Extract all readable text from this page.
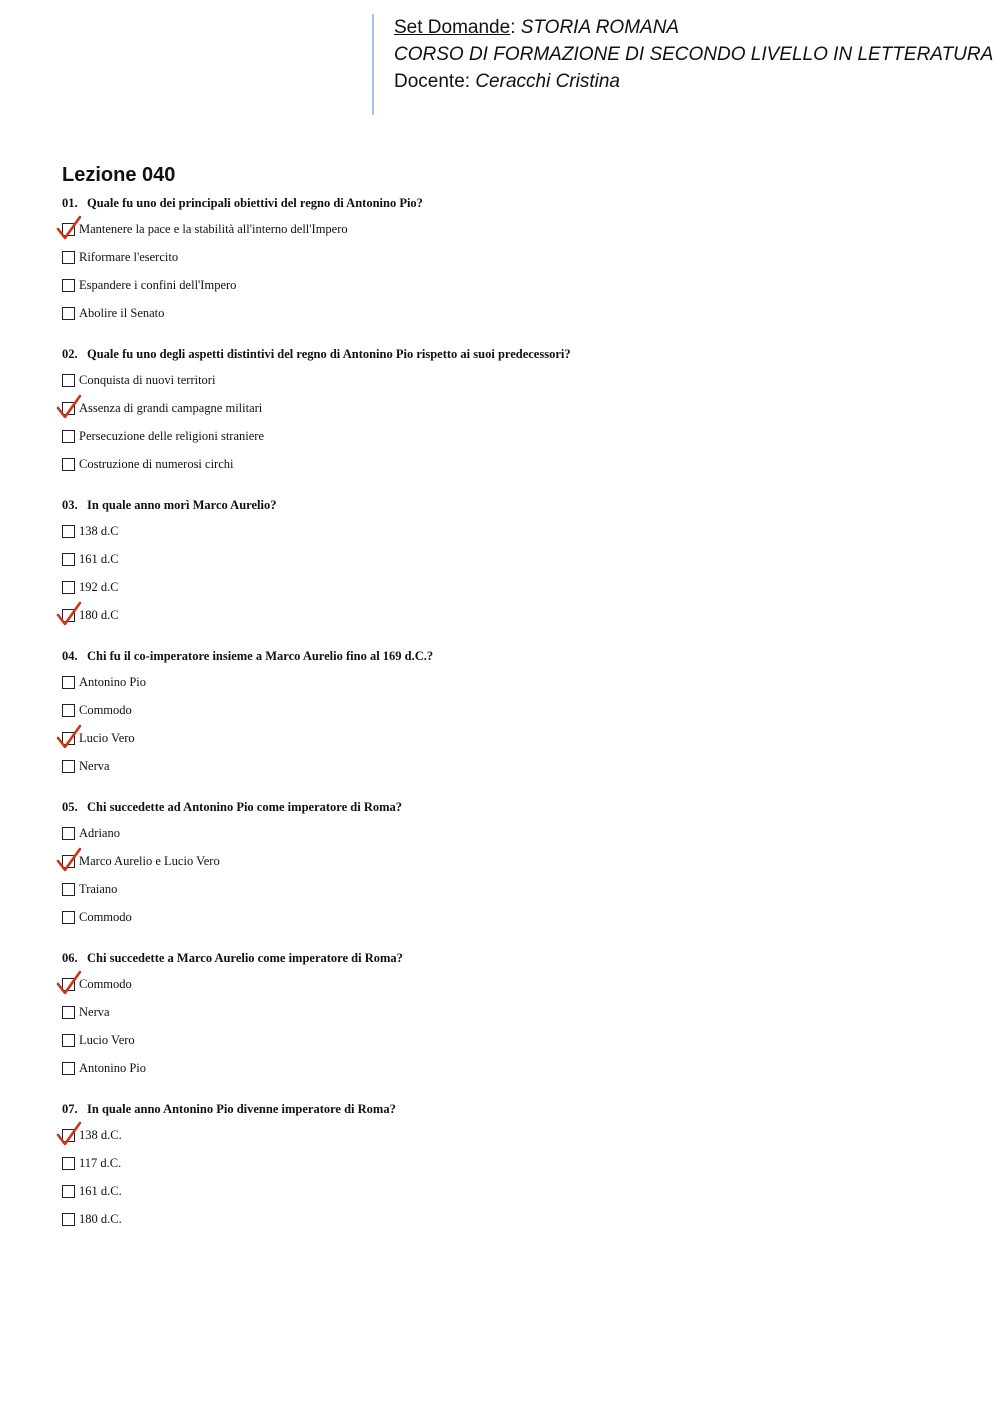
Set Domande: STORIA ROMANA
CORSO DI FORMAZIONE DI SECONDO LIVELLO IN LETTERATURA
Docente: Ceracchi Cristina
Lezione 040
01. Quale fu uno dei principali obiettivi del regno di Antonino Pio?
Mantenere la pace e la stabilità all'interno dell'Impero
Riformare l'esercito
Espandere i confini dell'Impero
Abolire il Senato
02. Quale fu uno degli aspetti distintivi del regno di Antonino Pio rispetto ai suoi predecessori?
Conquista di nuovi territori
Assenza di grandi campagne militari
Persecuzione delle religioni straniere
Costruzione di numerosi circhi
03. In quale anno morì Marco Aurelio?
138 d.C
161 d.C
192 d.C
180 d.C
04. Chi fu il co-imperatore insieme a Marco Aurelio fino al 169 d.C.?
Antonino Pio
Commodo
Lucio Vero
Nerva
05. Chi succedette ad Antonino Pio come imperatore di Roma?
Adriano
Marco Aurelio e Lucio Vero
Traiano
Commodo
06. Chi succedette a Marco Aurelio come imperatore di Roma?
Commodo
Nerva
Lucio Vero
Antonino Pio
07. In quale anno Antonino Pio divenne imperatore di Roma?
138 d.C.
117 d.C.
161 d.C.
180 d.C.
